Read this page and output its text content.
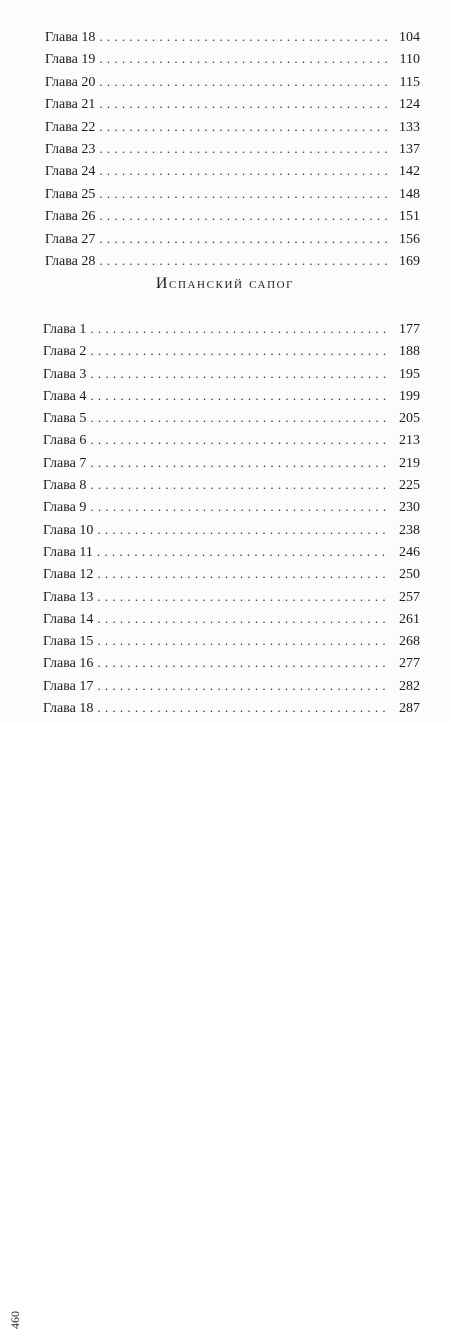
Глава 18 . . .	104
Глава 19 . . .	110
Глава 20 . . .	115
Глава 21 . . .	124
Глава 22 . . .	133
Глава 23 . . .	137
Глава 24 . . .	142
Глава 25 . . .	148
Глава 26 . . .	151
Глава 27 . . .	156
Глава 28 . . .	169
Испанский сапог
Глава 1 . . .	177
Глава 2 . . .	188
Глава 3 . . .	195
Глава 4 . . .	199
Глава 5 . . .	205
Глава 6 . . .	213
Глава 7 . . .	219
Глава 8 . . .	225
Глава 9 . . .	230
Глава 10 . . .	238
Глава 11 . . .	246
Глава 12 . . .	250
Глава 13 . . .	257
Глава 14 . . .	261
Глава 15 . . .	268
Глава 16 . . .	277
Глава 17 . . .	282
Глава 18 . . .	287
460
